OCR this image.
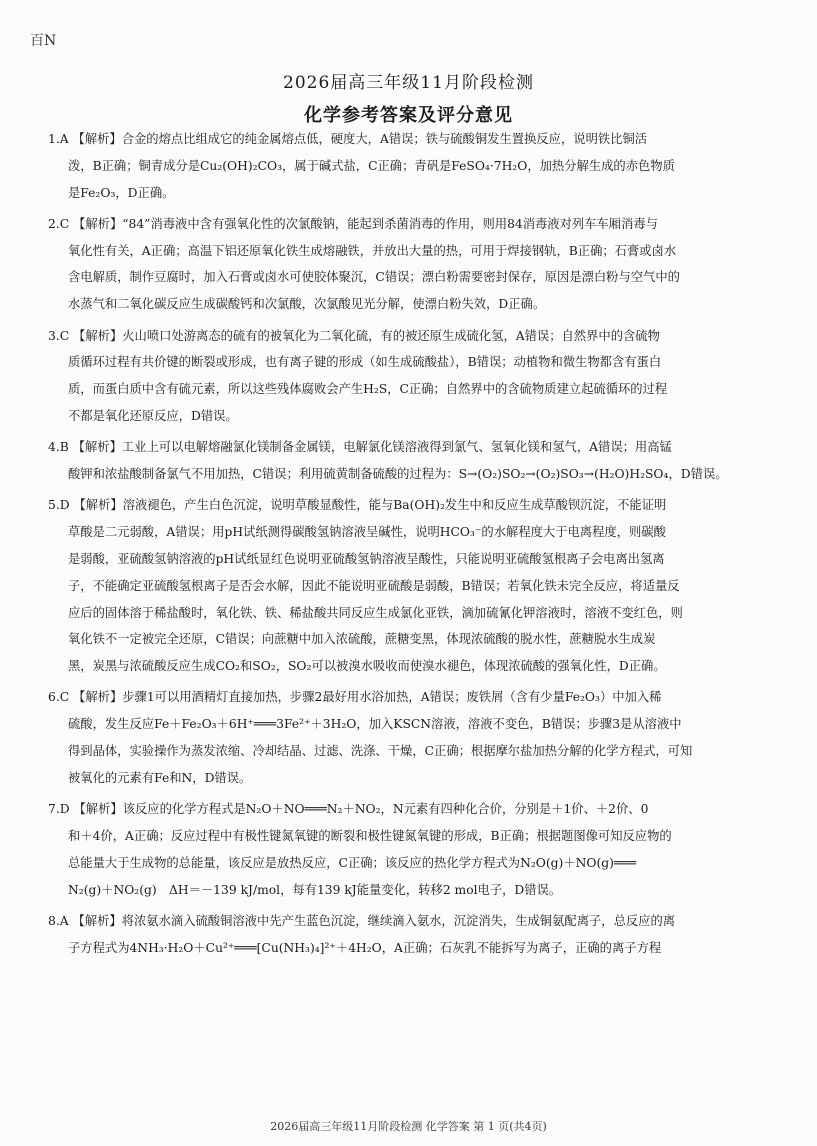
百N
2026届高三年级11月阶段检测
化学参考答案及评分意见
1.A 【解析】合金的熔点比组成它的纯金属熔点低，硬度大，A错误；铁与硫酸铜发生置换反应，说明铁比铜活
泼，B正确；铜青成分是Cu₂(OH)₂CO₃，属于碱式盐，C正确；青矾是FeSO₄·7H₂O，加热分解生成的赤色物质
是Fe₂O₃，D正确。
2.C 【解析】“84”消毒液中含有强氧化性的次氯酸钠，能起到杀菌消毒的作用，则用84消毒液对列车车厢消毒与
氧化性有关，A正确；高温下铝还原氧化铁生成熔融铁，并放出大量的热，可用于焊接钢轨，B正确；石膏或卤水
含电解质，制作豆腐时，加入石膏或卤水可使胶体聚沉，C错误；漂白粉需要密封保存，原因是漂白粉与空气中的
水蒸气和二氧化碳反应生成碳酸钙和次氯酸，次氯酸见光分解，使漂白粉失效，D正确。
3.C 【解析】火山喷口处游离态的硫有的被氧化为二氧化硫，有的被还原生成硫化氢，A错误；自然界中的含硫物
质循环过程有共价键的断裂或形成，也有离子键的形成（如生成硫酸盐），B错误；动植物和微生物都含有蛋白
质，而蛋白质中含有硫元素，所以这些残体腐败会产生H₂S，C正确；自然界中的含硫物质建立起硫循环的过程
不都是氧化还原反应，D错误。
4.B 【解析】工业上可以电解熔融氯化镁制备金属镁，电解氯化镁溶液得到氯气、氢氧化镁和氢气，A错误；用高锰
酸钾和浓盐酸制备氯气不用加热，C错误；利用硫黄制备硫酸的过程为：S→(O₂)SO₂→(O₂)SO₃→(H₂O)H₂SO₄，D错误。
5.D 【解析】溶液褪色，产生白色沉淀，说明草酸显酸性，能与Ba(OH)₂发生中和反应生成草酸钡沉淀，不能证明
草酸是二元弱酸，A错误；用pH试纸测得碳酸氢钠溶液呈碱性，说明HCO₃⁻的水解程度大于电离程度，则碳酸
是弱酸，亚硫酸氢钠溶液的pH试纸显红色说明亚硫酸氢钠溶液呈酸性，只能说明亚硫酸氢根离子会电离出氢离
子，不能确定亚硫酸氢根离子是否会水解，因此不能说明亚硫酸是弱酸，B错误；若氧化铁未完全反应，将适量反
应后的固体溶于稀盐酸时，氧化铁、铁、稀盐酸共同反应生成氯化亚铁，滴加硫氰化钾溶液时，溶液不变红色，则
氧化铁不一定被完全还原，C错误；向蔗糖中加入浓硫酸，蔗糖变黑，体现浓硫酸的脱水性，蔗糖脱水生成炭
黑，炭黑与浓硫酸反应生成CO₂和SO₂，SO₂可以被溴水吸收而使溴水褪色，体现浓硫酸的强氧化性，D正确。
6.C 【解析】步骤1可以用酒精灯直接加热，步骤2最好用水浴加热，A错误；废铁屑（含有少量Fe₂O₃）中加入稀
硫酸，发生反应Fe＋Fe₂O₃＋6H⁺═══3Fe²⁺＋3H₂O，加入KSCN溶液，溶液不变色，B错误；步骤3是从溶液中
得到晶体，实验操作为蒸发浓缩、冷却结晶、过滤、洗涤、干燥，C正确；根据摩尔盐加热分解的化学方程式，可知
被氧化的元素有Fe和N，D错误。
7.D 【解析】该反应的化学方程式是N₂O＋NO═══N₂＋NO₂，N元素有四种化合价，分别是＋1价、＋2价、0
和＋4价，A正确；反应过程中有极性键氮氧键的断裂和极性键氮氧键的形成，B正确；根据题图像可知反应物的
总能量大于生成物的总能量，该反应是放热反应，C正确；该反应的热化学方程式为N₂O(g)＋NO(g)═══
N₂(g)＋NO₂(g)　ΔH＝－139 kJ/mol，每有139 kJ能量变化，转移2 mol电子，D错误。
8.A 【解析】将浓氨水滴入硫酸铜溶液中先产生蓝色沉淀，继续滴入氨水，沉淀消失，生成铜氨配离子，总反应的离
子方程式为4NH₃·H₂O＋Cu²⁺═══[Cu(NH₃)₄]²⁺＋4H₂O，A正确；石灰乳不能拆写为离子，正确的离子方程
2026届高三年级11月阶段检测 化学答案 第 1 页(共4页)
